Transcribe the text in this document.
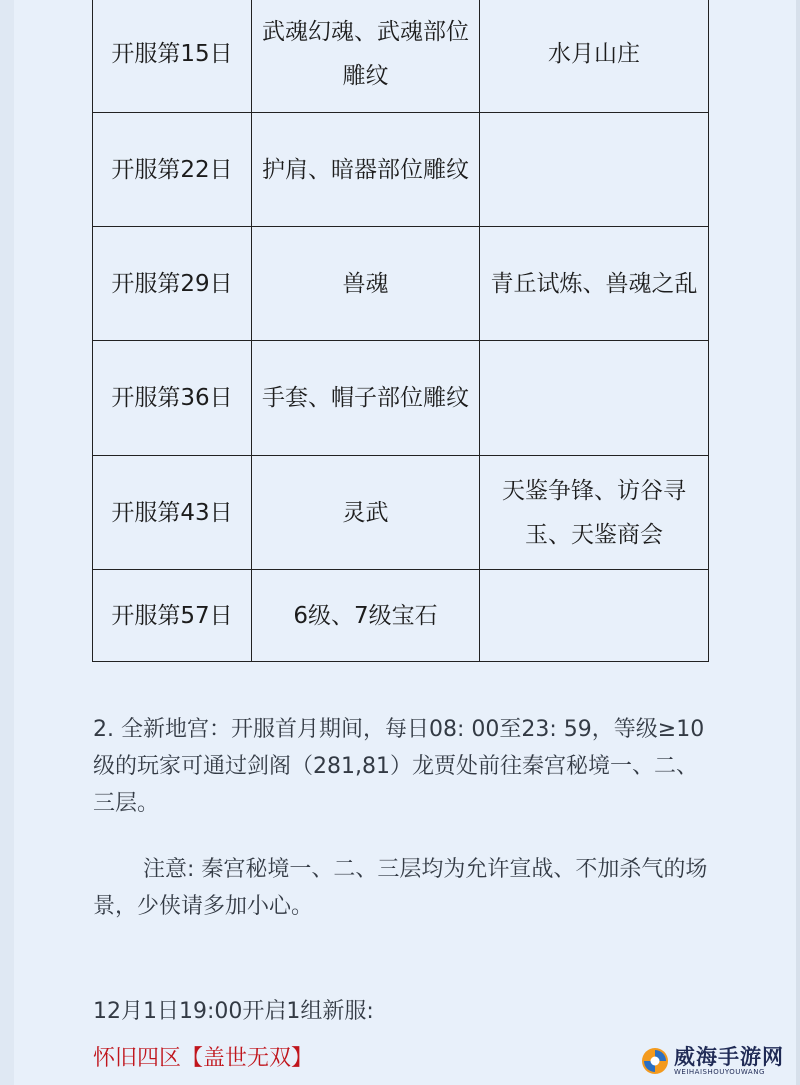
开服第15日	武魂幻魂、武魂部位雕纹	水月山庄
开服第22日	护肩、暗器部位雕纹	
开服第29日	兽魂	青丘试炼、兽魂之乱
开服第36日	手套、帽子部位雕纹	
开服第43日	灵武	天鉴争锋、访谷寻玉、天鉴商会
开服第57日	6级、7级宝石	
2. 全新地宫：开服首月期间，每日08: 00至23: 59，等级≥10级的玩家可通过剑阁（281,81）龙贾处前往秦宫秘境一、二、三层。
注意: 秦宫秘境一、二、三层均为允许宣战、不加杀气的场景，少侠请多加小心。
12月1日19:00开启1组新服:
怀旧四区【盖世无双】	威海手游网
WEIHAISHOUYOUWANG
